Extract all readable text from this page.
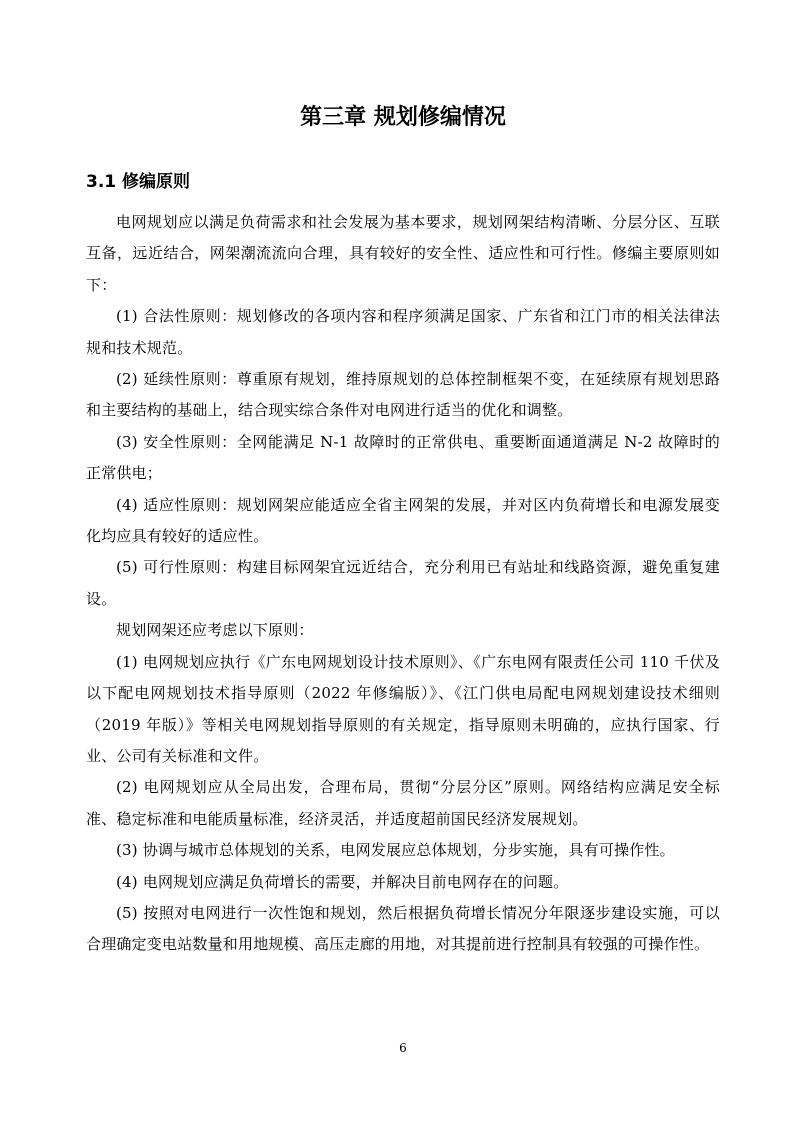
第三章 规划修编情况
3.1 修编原则

电网规划应以满足负荷需求和社会发展为基本要求，规划网架结构清晰、分层分区、互联互备，远近结合，网架潮流流向合理，具有较好的安全性、适应性和可行性。修编主要原则如下：

(1) 合法性原则：规划修改的各项内容和程序须满足国家、广东省和江门市的相关法律法规和技术规范。

(2) 延续性原则：尊重原有规划，维持原规划的总体控制框架不变，在延续原有规划思路和主要结构的基础上，结合现实综合条件对电网进行适当的优化和调整。

(3) 安全性原则：全网能满足 N-1 故障时的正常供电、重要断面通道满足 N-2 故障时的正常供电；

(4) 适应性原则：规划网架应能适应全省主网架的发展，并对区内负荷增长和电源发展变化均应具有较好的适应性。

(5) 可行性原则：构建目标网架宜远近结合，充分利用已有站址和线路资源，避免重复建设。

规划网架还应考虑以下原则：

(1) 电网规划应执行《广东电网规划设计技术原则》、《广东电网有限责任公司 110 千伏及以下配电网规划技术指导原则（2022 年修编版）》、《江门供电局配电网规划建设技术细则（2019 年版）》等相关电网规划指导原则的有关规定，指导原则未明确的，应执行国家、行业、公司有关标准和文件。

(2) 电网规划应从全局出发，合理布局，贯彻“分层分区”原则。网络结构应满足安全标准、稳定标准和电能质量标准，经济灵活，并适度超前国民经济发展规划。

(3) 协调与城市总体规划的关系，电网发展应总体规划，分步实施，具有可操作性。

(4) 电网规划应满足负荷增长的需要，并解决目前电网存在的问题。

(5) 按照对电网进行一次性饱和规划，然后根据负荷增长情况分年限逐步建设实施，可以合理确定变电站数量和用地规模、高压走廊的用地，对其提前进行控制具有较强的可操作性。

6
